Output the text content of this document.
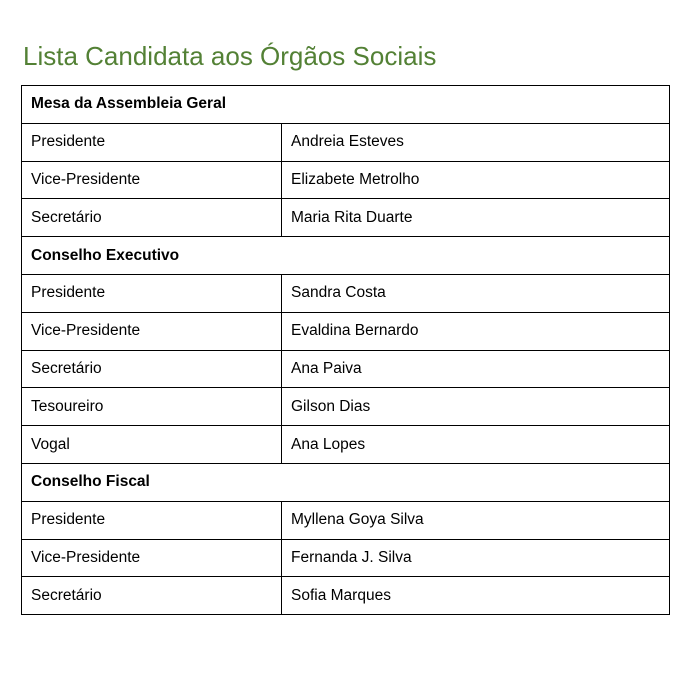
Lista Candidata aos Órgãos Sociais
Mesa da Assembleia Geral	
Presidente	Andreia Esteves
Vice-Presidente	Elizabete Metrolho
Secretário	Maria Rita Duarte
Conselho Executivo	
Presidente	Sandra Costa
Vice-Presidente	Evaldina Bernardo
Secretário	Ana Paiva
Tesoureiro	Gilson Dias
Vogal	Ana Lopes
Conselho Fiscal	
Presidente	Myllena Goya Silva
Vice-Presidente	Fernanda J. Silva
Secretário	Sofia Marques
